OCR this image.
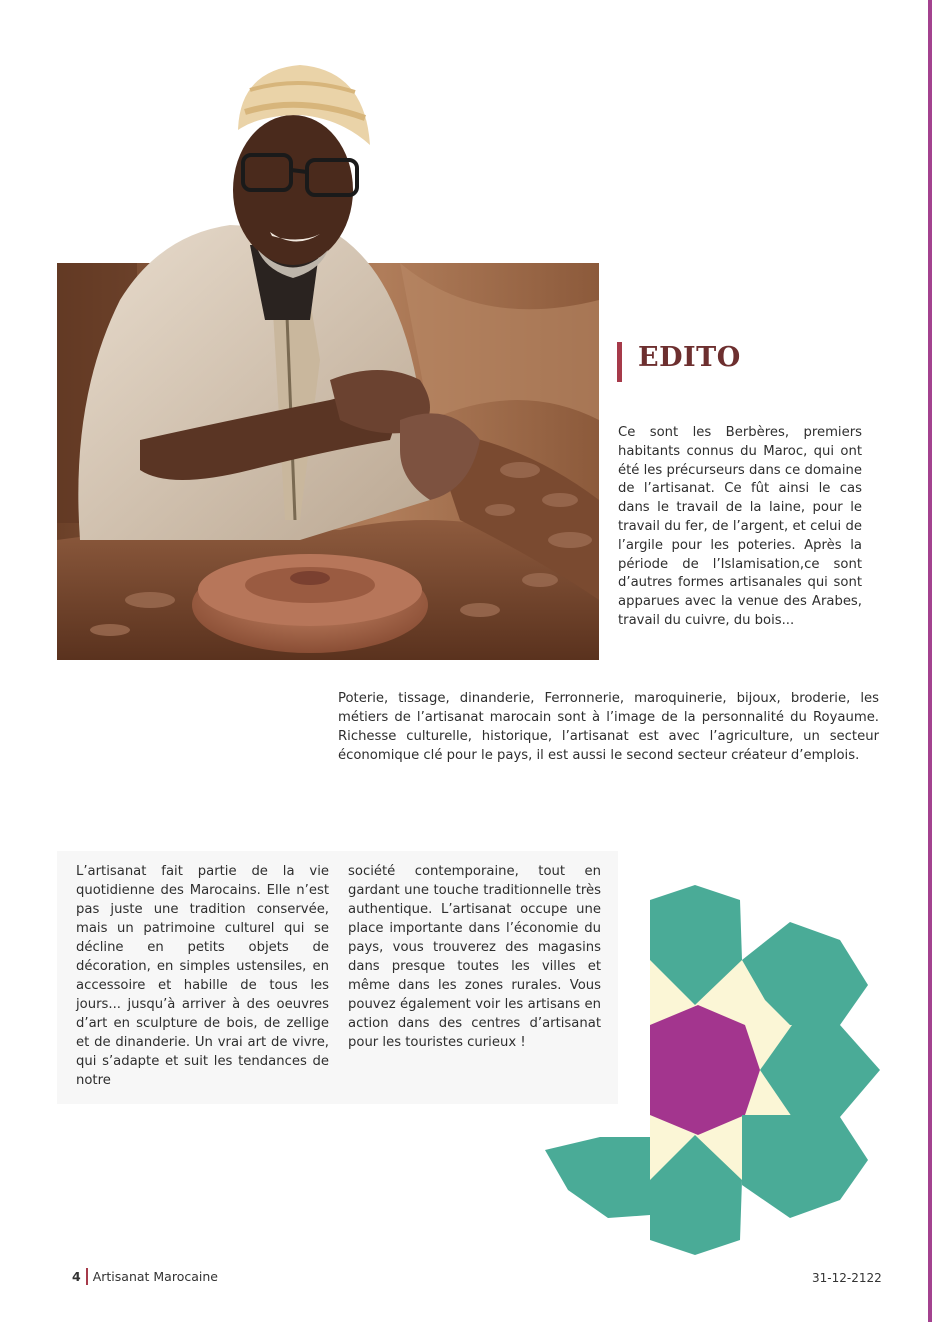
EDITO

Ce sont les Berbères, premiers habitants connus du Maroc, qui ont été les précurseurs dans ce domaine de l’artisanat. Ce fût ainsi le cas dans le travail de la laine, pour le travail du fer, de l’argent, et celui de l’argile pour les poteries. Après la période de l’Islamisation,ce sont d’autres formes artisanales qui sont apparues avec la venue des Arabes, travail du cuivre, du bois...

Poterie, tissage, dinanderie, Ferronnerie, maroquinerie, bijoux, broderie, les métiers de l’artisanat marocain sont à l’image de la personnalité du Royaume. Richesse culturelle, historique, l’artisanat est avec l’agriculture, un secteur économique clé pour le pays, il est aussi le second secteur créateur d’emplois.

L’artisanat fait partie de la vie quotidienne des Marocains. Elle n’est pas juste une tradition conservée, mais un patrimoine culturel qui se décline en petits objets de décoration, en simples ustensiles, en accessoire et habille de tous les jours... jusqu’à arriver à des oeuvres d’art en sculpture de bois, de zellige et de dinanderie. Un vrai art de vivre, qui s’adapte et suit les tendances de notre

société contemporaine, tout en gardant une touche traditionnelle très authentique. L’artisanat occupe une place importante dans l’économie du pays, vous trouverez des magasins dans presque toutes les villes et même dans les zones rurales. Vous pouvez également voir les artisans en action dans des centres d’artisanat pour les touristes curieux !

4 Artisanat Marocaine	31-12-2122
